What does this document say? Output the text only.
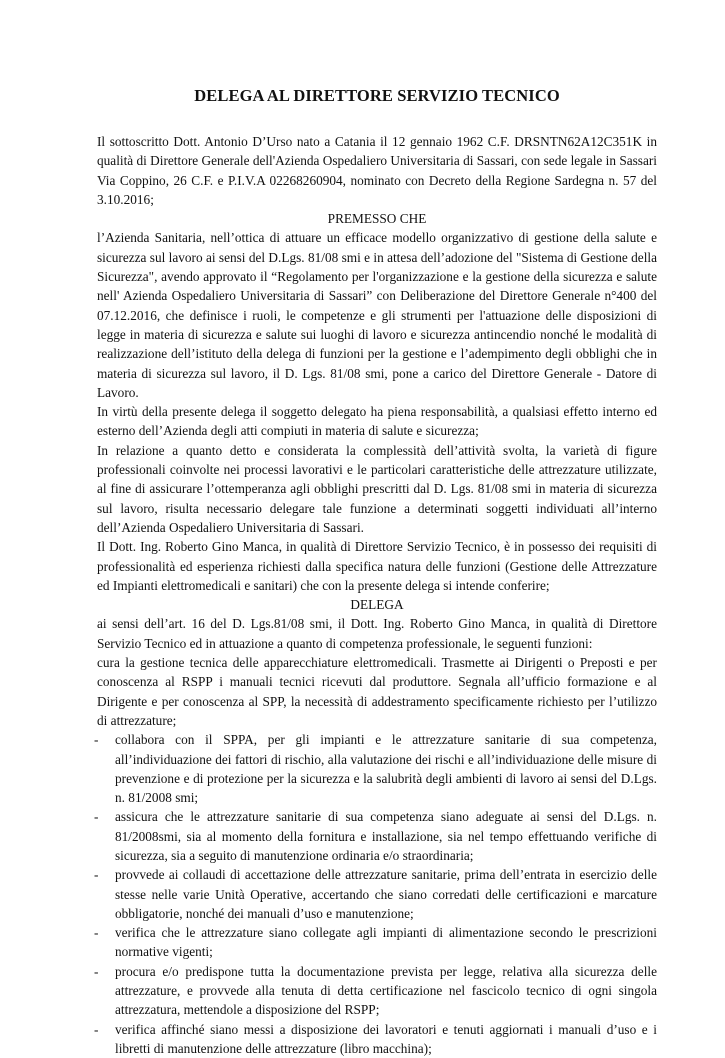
DELEGA AL DIRETTORE SERVIZIO TECNICO

Il sottoscritto Dott. Antonio D’Urso nato a Catania il 12 gennaio 1962 C.F. DRSNTN62A12C351K in qualità di Direttore Generale dell'Azienda Ospedaliero Universitaria di Sassari, con sede legale in Sassari Via Coppino, 26 C.F. e P.I.V.A 02268260904, nominato con Decreto della Regione Sardegna n. 57 del 3.10.2016;

PREMESSO CHE

l’Azienda Sanitaria, nell’ottica di attuare un efficace modello organizzativo di gestione della salute e sicurezza sul lavoro ai sensi del D.Lgs. 81/08 smi e in attesa dell’adozione del "Sistema di Gestione della Sicurezza", avendo approvato il “Regolamento per l'organizzazione e la gestione della sicurezza e salute nell' Azienda Ospedaliero Universitaria di Sassari” con Deliberazione del Direttore Generale n°400 del 07.12.2016, che definisce i ruoli, le competenze e gli strumenti per l'attuazione delle disposizioni di legge in materia di sicurezza e salute sui luoghi di lavoro e sicurezza antincendio nonché le modalità di realizzazione dell’istituto della delega di funzioni per la gestione e l’adempimento degli obblighi che in materia di sicurezza sul lavoro, il D. Lgs. 81/08 smi, pone a carico del Direttore Generale - Datore di Lavoro.

In virtù della presente delega il soggetto delegato ha piena responsabilità, a qualsiasi effetto interno ed esterno dell’Azienda degli atti compiuti in materia di salute e sicurezza;

In relazione a quanto detto e considerata la complessità dell’attività svolta, la varietà di figure professionali coinvolte nei processi lavorativi e le particolari caratteristiche delle attrezzature utilizzate, al fine di assicurare l’ottemperanza agli obblighi prescritti dal D. Lgs. 81/08 smi in materia di sicurezza sul lavoro, risulta necessario delegare tale funzione a determinati soggetti individuati all’interno dell’Azienda Ospedaliero Universitaria di Sassari.

Il Dott. Ing. Roberto Gino Manca, in qualità di Direttore Servizio Tecnico, è in possesso dei requisiti di professionalità ed esperienza richiesti dalla specifica natura delle funzioni (Gestione delle Attrezzature ed Impianti elettromedicali e sanitari) che con la presente delega si intende conferire;

DELEGA

ai sensi dell’art. 16 del D. Lgs.81/08 smi, il Dott. Ing. Roberto Gino Manca, in qualità di Direttore Servizio Tecnico ed in attuazione a quanto di competenza professionale, le seguenti funzioni:

cura la gestione tecnica delle apparecchiature elettromedicali. Trasmette ai Dirigenti o Preposti e per conoscenza al RSPP i manuali tecnici ricevuti dal produttore. Segnala all’ufficio formazione e al Dirigente e per conoscenza al SPP, la necessità di addestramento specificamente richiesto per l’utilizzo di attrezzature;

- collabora con il SPPA, per gli impianti e le attrezzature sanitarie di sua competenza, all’individuazione dei fattori di rischio, alla valutazione dei rischi e all’individuazione delle misure di prevenzione e di protezione per la sicurezza e la salubrità degli ambienti di lavoro ai sensi del D.Lgs. n. 81/2008 smi;
- assicura che le attrezzature sanitarie di sua competenza siano adeguate ai sensi del D.Lgs. n. 81/2008smi, sia al momento della fornitura e installazione, sia nel tempo effettuando verifiche di sicurezza, sia a seguito di manutenzione ordinaria e/o straordinaria;
- provvede ai collaudi di accettazione delle attrezzature sanitarie, prima dell’entrata in esercizio delle stesse nelle varie Unità Operative, accertando che siano corredati delle certificazioni e marcature obbligatorie, nonché dei manuali d’uso e manutenzione;
- verifica che le attrezzature siano collegate agli impianti di alimentazione secondo le prescrizioni normative vigenti;
- procura e/o predispone tutta la documentazione prevista per legge, relativa alla sicurezza delle attrezzature, e provvede alla tenuta di detta certificazione nel fascicolo tecnico di ogni singola attrezzatura, mettendole a disposizione del RSPP;
- verifica affinché siano messi a disposizione dei lavoratori e tenuti aggiornati i manuali d’uso e i libretti di manutenzione delle attrezzature (libro macchina);
